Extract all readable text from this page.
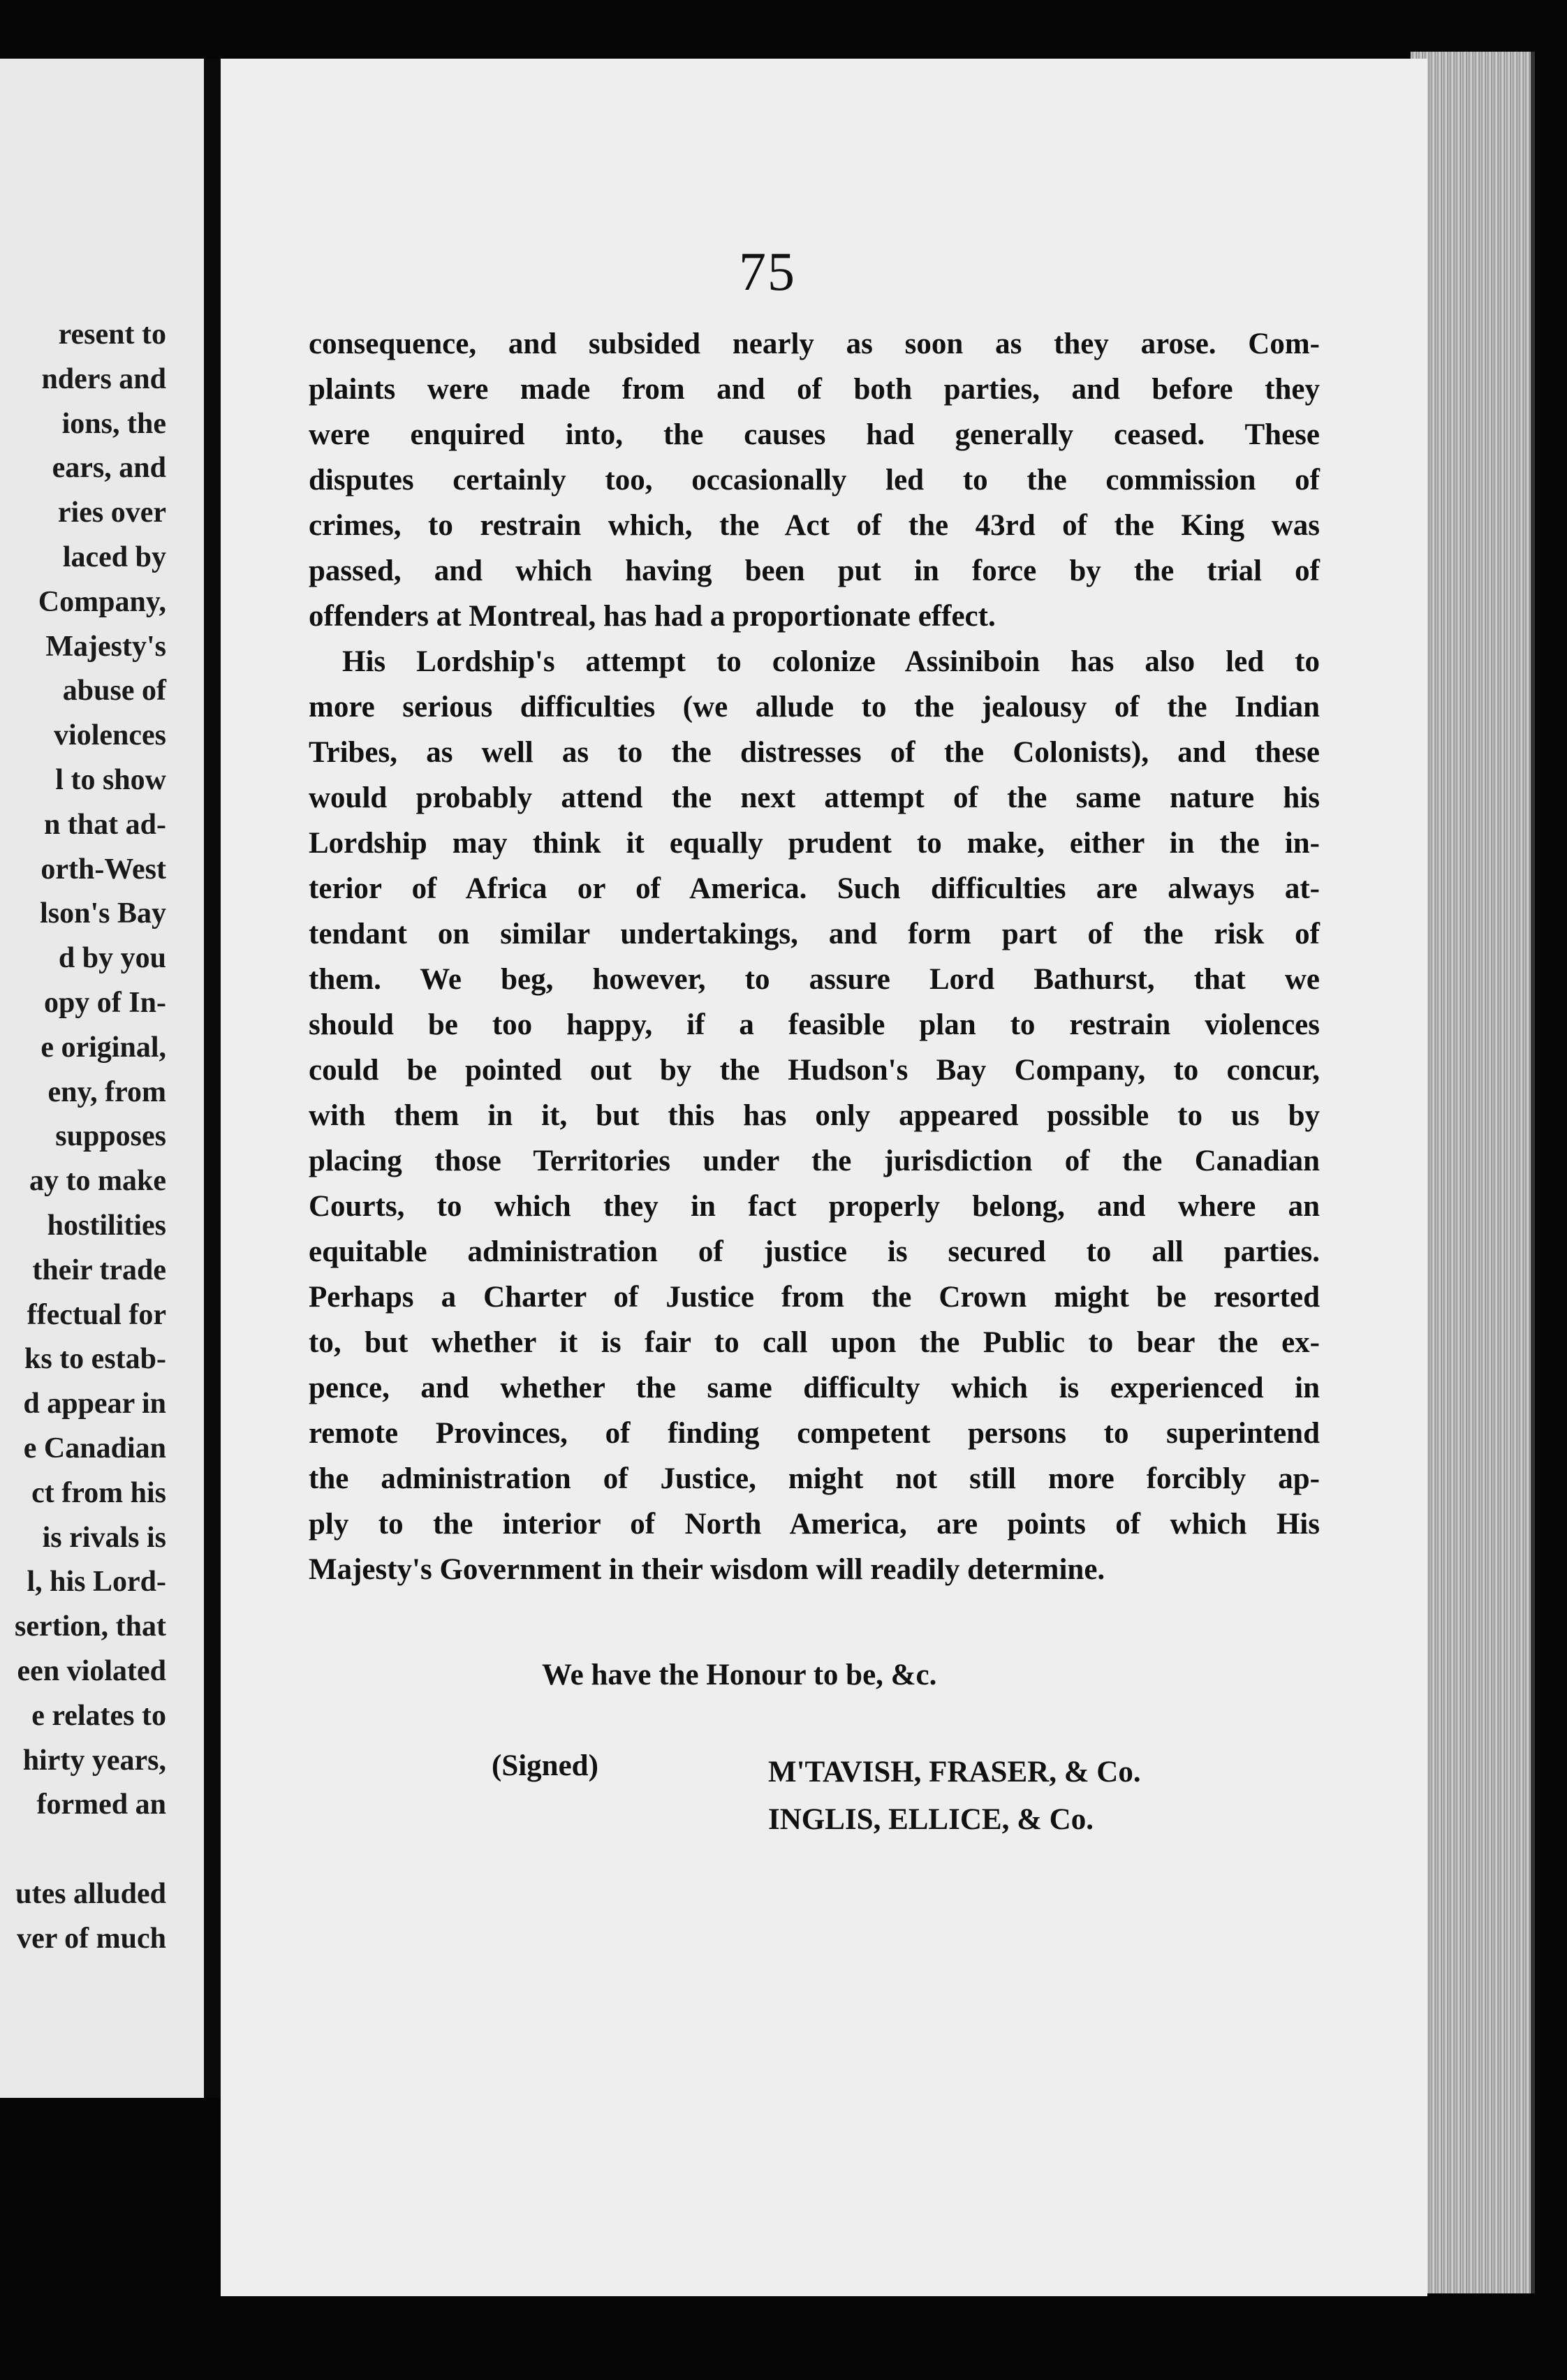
resent to
nders and
ions, the
ears, and
ries over
laced by
Company,
Majesty's
abuse of
violences
l to show
n that ad-
orth-West
lson's Bay
d by you
opy of In-
e original,
eny, from
supposes
ay to make
hostilities
their trade
ffectual for
ks to estab-
d appear in
e Canadian
ct from his
is rivals is
l, his Lord-
sertion, that
een violated
e relates to
hirty years,
formed an
utes alluded
ver of much
75
consequence, and subsided nearly as soon as they arose. Com-
plaints were made from and of both parties, and before they
were enquired into, the causes had generally ceased. These
disputes certainly too, occasionally led to the commission of
crimes, to restrain which, the Act of the 43rd of the King was
passed, and which having been put in force by the trial of
offenders at Montreal, has had a proportionate effect.
His Lordship's attempt to colonize Assiniboin has also led to
more serious difficulties (we allude to the jealousy of the Indian
Tribes, as well as to the distresses of the Colonists), and these
would probably attend the next attempt of the same nature his
Lordship may think it equally prudent to make, either in the in-
terior of Africa or of America. Such difficulties are always at-
tendant on similar undertakings, and form part of the risk of
them. We beg, however, to assure Lord Bathurst, that we
should be too happy, if a feasible plan to restrain violences
could be pointed out by the Hudson's Bay Company, to concur,
with them in it, but this has only appeared possible to us by
placing those Territories under the jurisdiction of the Canadian
Courts, to which they in fact properly belong, and where an
equitable administration of justice is secured to all parties.
Perhaps a Charter of Justice from the Crown might be resorted
to, but whether it is fair to call upon the Public to bear the ex-
pence, and whether the same difficulty which is experienced in
remote Provinces, of finding competent persons to superintend
the administration of Justice, might not still more forcibly ap-
ply to the interior of North America, are points of which His
Majesty's Government in their wisdom will readily determine.
We have the Honour to be, &c.
(Signed)	M'TAVISH, FRASER, & Co.
INGLIS, ELLICE, & Co.
